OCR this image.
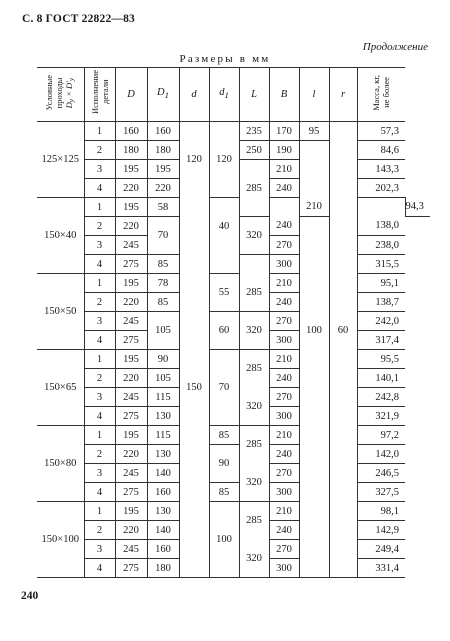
С. 8 ГОСТ 22822—83
Продолжение
Размеры в мм
Условные
проходы
$D_y\times D'_y$	Исполнение
детали	D	$D_1$	d	$d_1$	L	B	l	r	Масса, кг,
не более	
125×125	1	160	160	120	120	235	170	95		57,3	
	2	180	180			250	190			84,6	
	3	195	195			285	210			143,3	
	4	220	220				240			202,3	
150×40	1	195	58		40			210			94,3
	2	220	70			320	240			138,0	
	3	245					270			238,0	
	4	275	85				300			315,5	
150×50	1	195	78		55	285	210			95,1	
	2	220	85				240			138,7	
	3	245	105		60	320	270	100	60	242,0	
	4	275					300			317,4	
150×65	1	195	90	150	70	285	210			95,5	
	2	220	105				240			140,1	
	3	245	115			320	270			242,8	
	4	275	130				300			321,9	
150×80	1	195	115		85	285	210			97,2	
	2	220	130		90		240			142,0	
	3	245	140			320	270			246,5	
	4	275	160		85		300			327,5	
150×100	1	195	130		100	285	210			98,1	
	2	220	140				240			142,9	
	3	245	160			320	270			249,4	
	4	275	180				300			331,4	
240
